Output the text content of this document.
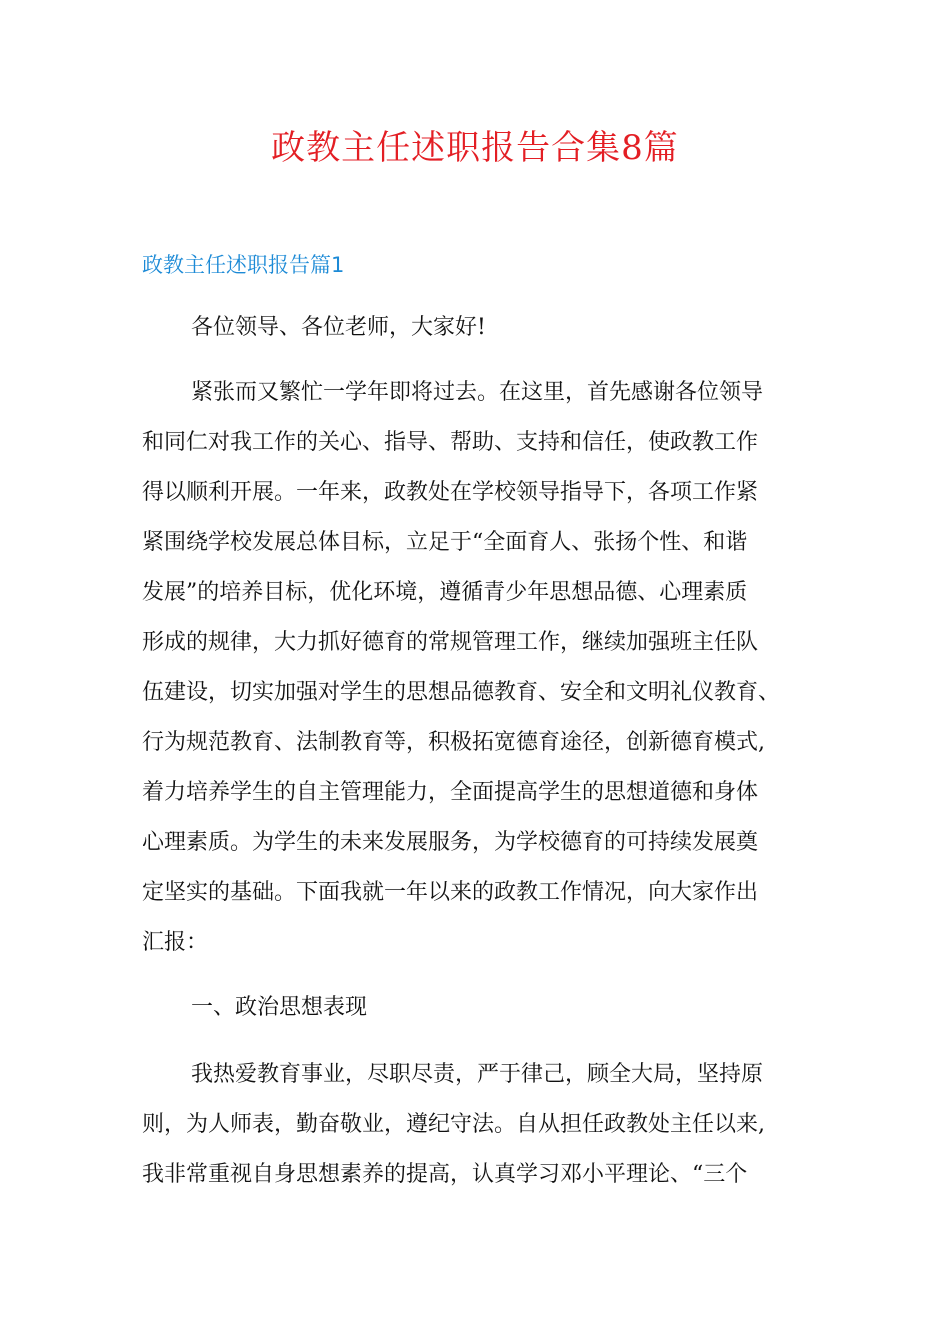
政教主任述职报告合集8篇
政教主任述职报告篇1

各位领导、各位老师，大家好!

紧张而又繁忙一学年即将过去。在这里，首先感谢各位领导
和同仁对我工作的关心、指导、帮助、支持和信任，使政教工作
得以顺利开展。一年来，政教处在学校领导指导下，各项工作紧
紧围绕学校发展总体目标，立足于“全面育人、张扬个性、和谐
发展”的培养目标，优化环境，遵循青少年思想品德、心理素质
形成的规律，大力抓好德育的常规管理工作，继续加强班主任队
伍建设，切实加强对学生的思想品德教育、安全和文明礼仪教育、
行为规范教育、法制教育等，积极拓宽德育途径，创新德育模式,
着力培养学生的自主管理能力，全面提高学生的思想道德和身体
心理素质。为学生的未来发展服务，为学校德育的可持续发展奠
定坚实的基础。下面我就一年以来的政教工作情况，向大家作出
汇报：

一、政治思想表现

我热爱教育事业，尽职尽责，严于律己，顾全大局，坚持原
则，为人师表，勤奋敬业，遵纪守法。自从担任政教处主任以来,
我非常重视自身思想素养的提高，认真学习邓小平理论、“三个
